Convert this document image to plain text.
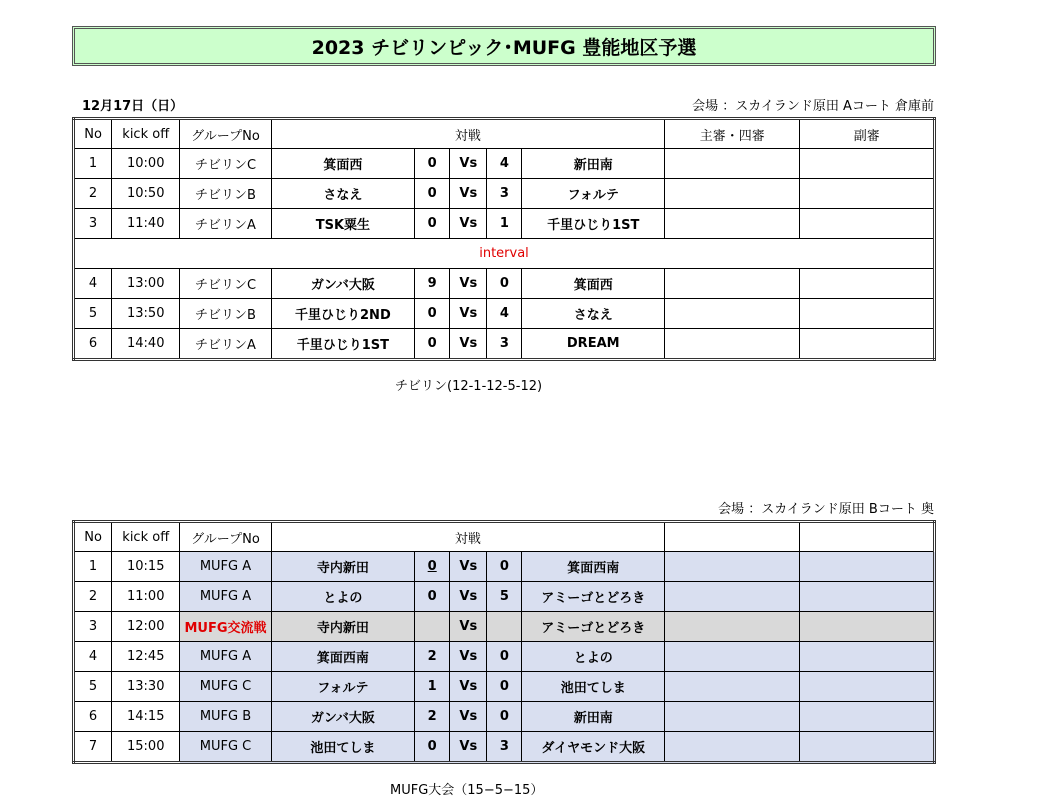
2023 チビリンピック･MUFG 豊能地区予選
12月17日（日）	会場 ：スカイランド原田 Aコート 倉庫前
No	kick off	グループNo	対戦					主審・四審	副審
1	10:00	チビリンC	箕面西	0	Vs	4	新田南		
2	10:50	チビリンB	さなえ	0	Vs	3	フォルテ		
3	11:40	チビリンA	TSK粟生	0	Vs	1	千里ひじり1ST		
interval									
4	13:00	チビリンC	ガンバ大阪	9	Vs	0	箕面西		
5	13:50	チビリンB	千里ひじり2ND	0	Vs	4	さなえ		
6	14:40	チビリンA	千里ひじり1ST	0	Vs	3	DREAM		
チビリン(12-1-12-5-12)
会場 ：スカイランド原田 Bコート 奥
No	kick off	グループNo	対戦						
1	10:15	MUFG A	寺内新田	0	Vs	0	箕面西南		
2	11:00	MUFG A	とよの	0	Vs	5	アミーゴとどろき		
3	12:00	MUFG交流戦	寺内新田		Vs		アミーゴとどろき		
4	12:45	MUFG A	箕面西南	2	Vs	0	とよの		
5	13:30	MUFG C	フォルテ	1	Vs	0	池田てしま		
6	14:15	MUFG B	ガンバ大阪	2	Vs	0	新田南		
7	15:00	MUFG C	池田てしま	0	Vs	3	ダイヤモンド大阪		
MUFG大会（15−5−15）
